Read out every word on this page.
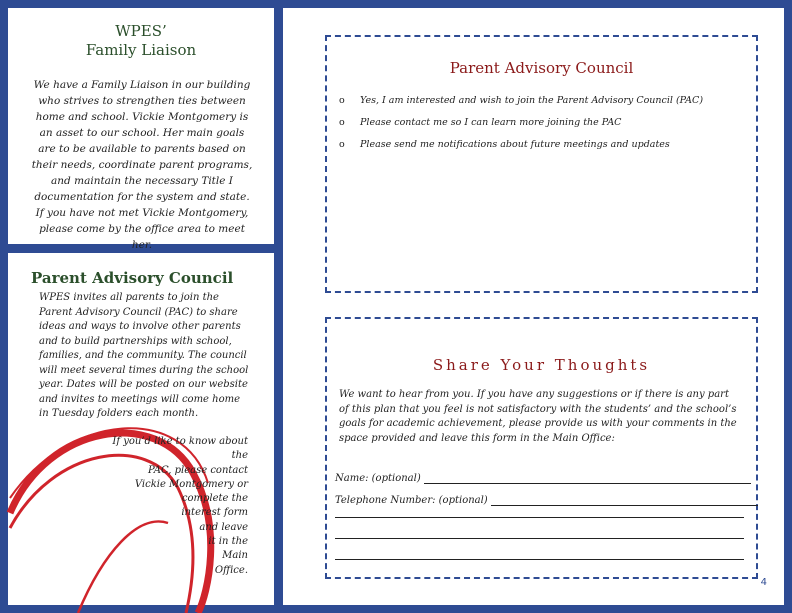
WPES’
Family Liaison

We have a Family Liaison in our building who strives to strengthen ties between home and school. Vickie Montgomery is an asset to our school. Her main goals are to be available to parents based on their needs, coordinate parent programs, and maintain the necessary Title I documentation for the system and state. If you have not met Vickie Montgomery, please come by the office area to meet her.

Parent Advisory Council

WPES invites all parents to join the Parent Advisory Council (PAC) to share ideas and ways to involve other parents and to build partnerships with school, families, and the community. The council will meet several times during the school year. Dates will be posted on our website and invites to meetings will come home in Tuesday folders each month.

If you’d like to know about the
PAC, please contact
Vickie Montgomery or
complete the
interest form
and leave
it in the
Main
Office.
Parent Advisory Council
o Yes, I am interested and wish to join the Parent Advisory Council (PAC)
o Please contact me so I can learn more joining the PAC
o Please send me notifications about future meetings and updates
Share Your Thoughts

We want to hear from you. If you have any suggestions or if there is any part of this plan that you feel is not satisfactory with the students’ and the school’s goals for academic achievement, please provide us with your comments in the space provided and leave this form in the Main Office:

Name: (optional)
Telephone Number: (optional)
4
